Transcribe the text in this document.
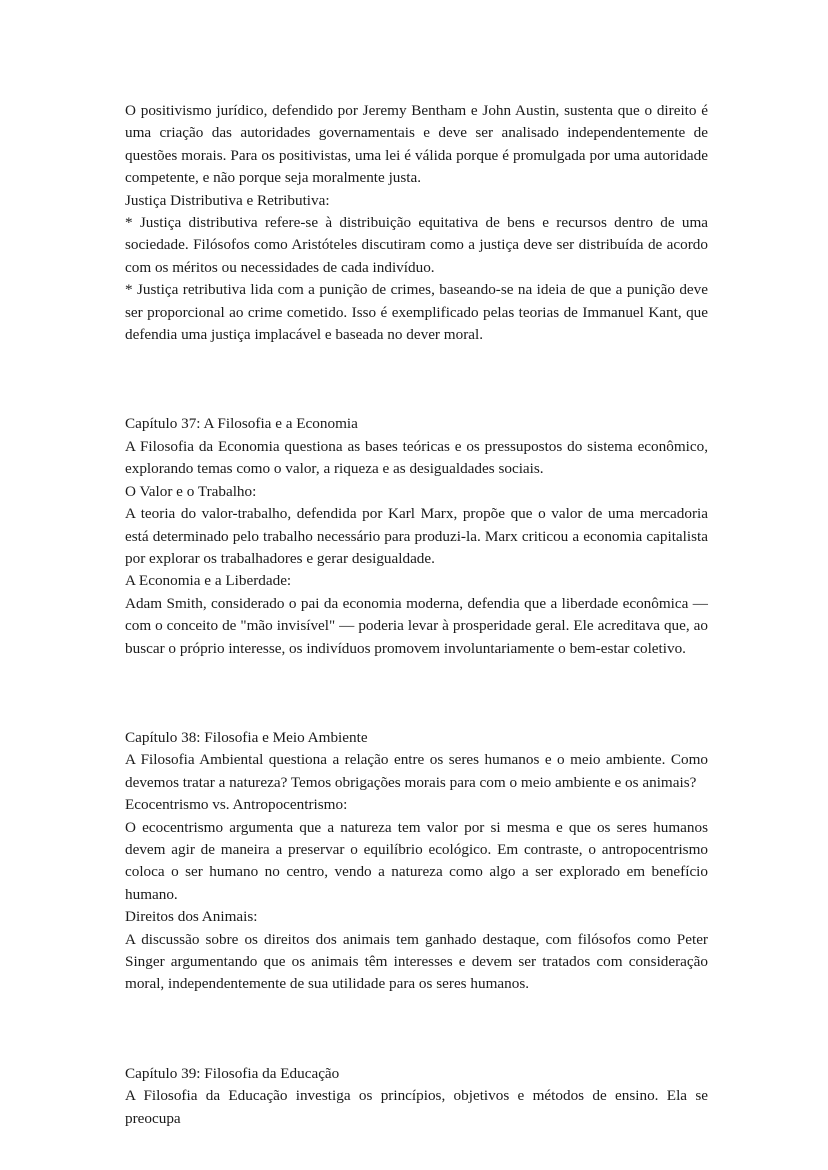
O positivismo jurídico, defendido por Jeremy Bentham e John Austin, sustenta que o direito é uma criação das autoridades governamentais e deve ser analisado independentemente de questões morais. Para os positivistas, uma lei é válida porque é promulgada por uma autoridade competente, e não porque seja moralmente justa.

Justiça Distributiva e Retributiva:

* Justiça distributiva refere-se à distribuição equitativa de bens e recursos dentro de uma sociedade. Filósofos como Aristóteles discutiram como a justiça deve ser distribuída de acordo com os méritos ou necessidades de cada indivíduo.

* Justiça retributiva lida com a punição de crimes, baseando-se na ideia de que a punição deve ser proporcional ao crime cometido. Isso é exemplificado pelas teorias de Immanuel Kant, que defendia uma justiça implacável e baseada no dever moral.

Capítulo 37: A Filosofia e a Economia

A Filosofia da Economia questiona as bases teóricas e os pressupostos do sistema econômico, explorando temas como o valor, a riqueza e as desigualdades sociais.

O Valor e o Trabalho:

A teoria do valor-trabalho, defendida por Karl Marx, propõe que o valor de uma mercadoria está determinado pelo trabalho necessário para produzi-la. Marx criticou a economia capitalista por explorar os trabalhadores e gerar desigualdade.

A Economia e a Liberdade:

Adam Smith, considerado o pai da economia moderna, defendia que a liberdade econômica — com o conceito de "mão invisível" — poderia levar à prosperidade geral. Ele acreditava que, ao buscar o próprio interesse, os indivíduos promovem involuntariamente o bem-estar coletivo.

Capítulo 38: Filosofia e Meio Ambiente

A Filosofia Ambiental questiona a relação entre os seres humanos e o meio ambiente. Como devemos tratar a natureza? Temos obrigações morais para com o meio ambiente e os animais?

Ecocentrismo vs. Antropocentrismo:

O ecocentrismo argumenta que a natureza tem valor por si mesma e que os seres humanos devem agir de maneira a preservar o equilíbrio ecológico. Em contraste, o antropocentrismo coloca o ser humano no centro, vendo a natureza como algo a ser explorado em benefício humano.

Direitos dos Animais:

A discussão sobre os direitos dos animais tem ganhado destaque, com filósofos como Peter Singer argumentando que os animais têm interesses e devem ser tratados com consideração moral, independentemente de sua utilidade para os seres humanos.

Capítulo 39: Filosofia da Educação

A Filosofia da Educação investiga os princípios, objetivos e métodos de ensino. Ela se preocupa
